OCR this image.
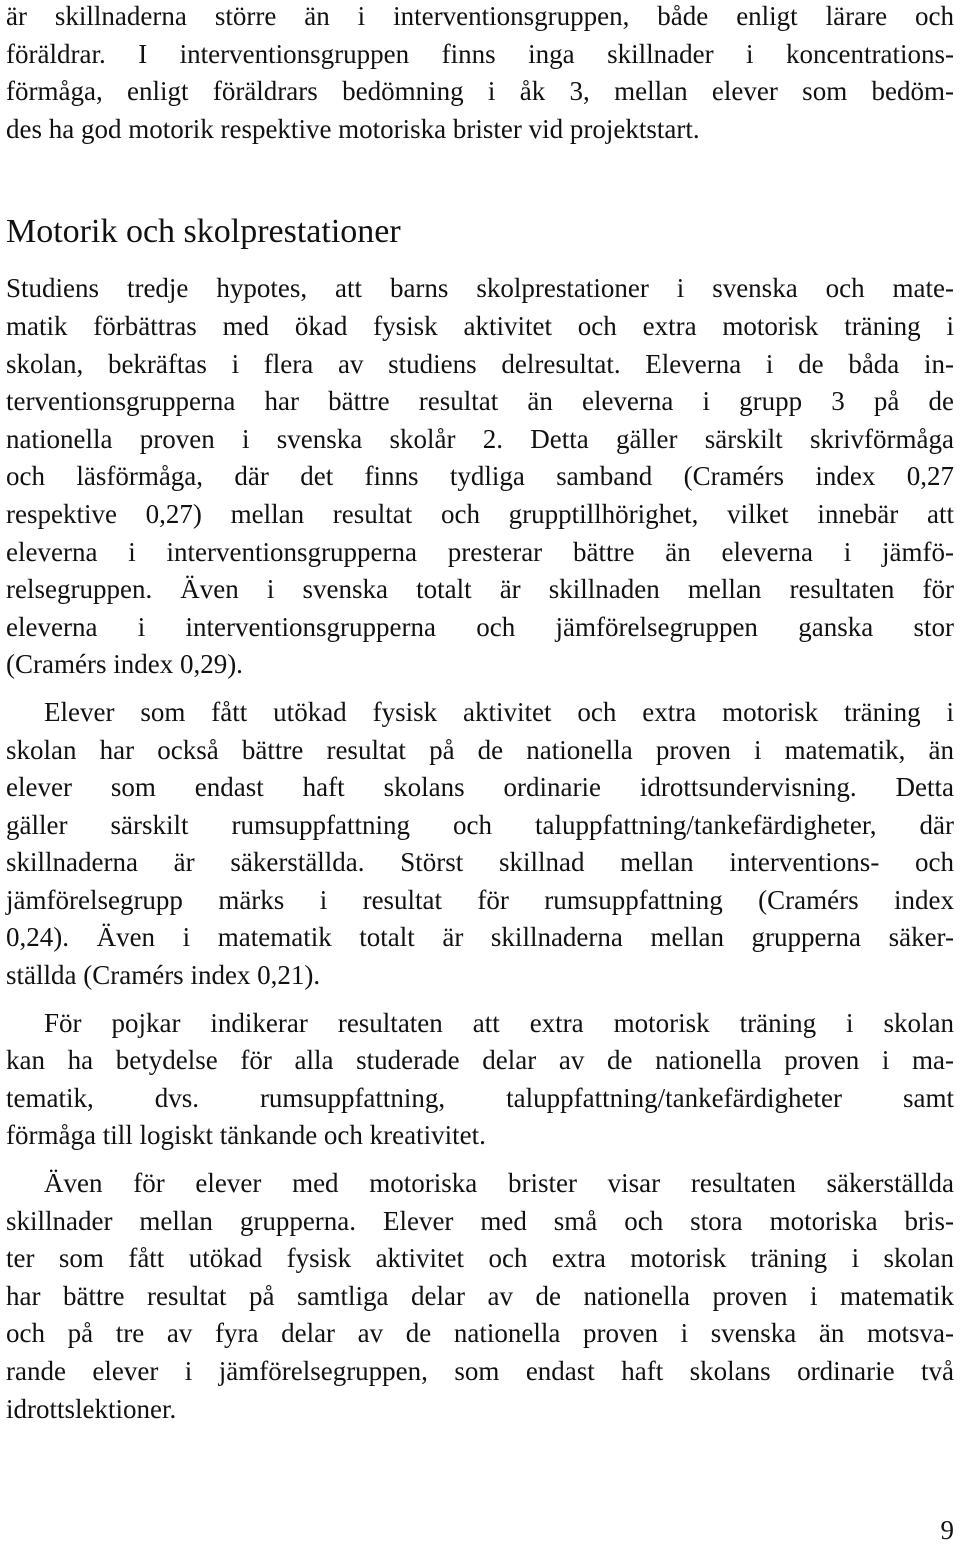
är skillnaderna större än i interventionsgruppen, både enligt lärare och
föräldrar. I interventionsgruppen finns inga skillnader i koncentrations-
förmåga, enligt föräldrars bedömning i åk 3, mellan elever som bedöm-
des ha god motorik respektive motoriska brister vid projektstart.

Motorik och skolprestationer

Studiens tredje hypotes, att barns skolprestationer i svenska och mate-
matik förbättras med ökad fysisk aktivitet och extra motorisk träning i
skolan, bekräftas i flera av studiens delresultat. Eleverna i de båda in-
terventionsgrupperna har bättre resultat än eleverna i grupp 3 på de
nationella proven i svenska skolår 2. Detta gäller särskilt skrivförmåga
och läsförmåga, där det finns tydliga samband (Cramérs index 0,27
respektive 0,27) mellan resultat och grupptillhörighet, vilket innebär att
eleverna i interventionsgrupperna presterar bättre än eleverna i jämfö-
relsegruppen. Även i svenska totalt är skillnaden mellan resultaten för
eleverna i interventionsgrupperna och jämförelsegruppen ganska stor
(Cramérs index 0,29).

Elever som fått utökad fysisk aktivitet och extra motorisk träning i
skolan har också bättre resultat på de nationella proven i matematik, än
elever som endast haft skolans ordinarie idrottsundervisning. Detta
gäller särskilt rumsuppfattning och taluppfattning/tankefärdigheter, där
skillnaderna är säkerställda. Störst skillnad mellan interventions- och
jämförelsegrupp märks i resultat för rumsuppfattning (Cramérs index
0,24). Även i matematik totalt är skillnaderna mellan grupperna säker-
ställda (Cramérs index 0,21).

För pojkar indikerar resultaten att extra motorisk träning i skolan
kan ha betydelse för alla studerade delar av de nationella proven i ma-
tematik, dvs. rumsuppfattning, taluppfattning/tankefärdigheter samt
förmåga till logiskt tänkande och kreativitet.

Även för elever med motoriska brister visar resultaten säkerställda
skillnader mellan grupperna. Elever med små och stora motoriska bris-
ter som fått utökad fysisk aktivitet och extra motorisk träning i skolan
har bättre resultat på samtliga delar av de nationella proven i matematik
och på tre av fyra delar av de nationella proven i svenska än motsva-
rande elever i jämförelsegruppen, som endast haft skolans ordinarie två
idrottslektioner.

9
